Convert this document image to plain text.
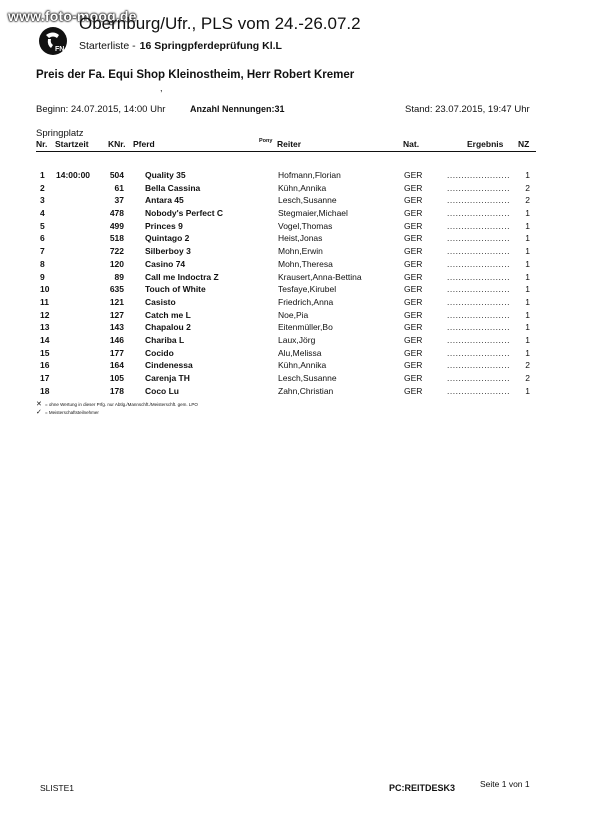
www.foto-moog.de
FN
Obernburg/Ufr., PLS vom 24.-26.07.2
Starterliste - 16 Springpferdeprüfung Kl.L
Preis der Fa. Equi Shop Kleinostheim, Herr Robert Kremer
,
Beginn: 24.07.2015, 14:00 Uhr	Anzahl Nennungen:31	Stand: 23.07.2015, 19:47 Uhr
Springplatz
Nr. Startzeit KNr. Pferd	Pony Reiter	Nat.	Ergebnis NZ
1 14:00:00	504 Quality 35	Hofmann,Florian	GER	......................	1
2	61 Bella Cassina	Kühn,Annika	GER	......................	2
3	37 Antara 45	Lesch,Susanne	GER	......................	2
4	478 Nobody's Perfect C	Stegmaier,Michael	GER	......................	1
5	499 Princes 9	Vogel,Thomas	GER	......................	1
6	518 Quintago 2	Heist,Jonas	GER	......................	1
7	722 Silberboy 3	Mohn,Erwin	GER	......................	1
8	120 Casino 74	Mohn,Theresa	GER	......................	1
9	89 Call me Indoctra Z	Krausert,Anna-Bettina	GER	......................	1
10	635 Touch of White	Tesfaye,Kirubel	GER	......................	1
11	121 Casisto	Friedrich,Anna	GER	......................	1
12	127 Catch me L	Noe,Pia	GER	......................	1
13	143 Chapalou 2	Eitenmüller,Bo	GER	......................	1
14	146 Chariba L	Laux,Jörg	GER	......................	1
15	177 Cocido	Alu,Melissa	GER	......................	1
16	164 Cindenessa	Kühn,Annika	GER	......................	2
17	105 Carenja TH	Lesch,Susanne	GER	......................	2
18	178 Coco Lu	Zahn,Christian	GER	......................	1
✕ = ohne Wertung in dieser Prfg. nur Abtlg./Mannschft./Meisterschft. gem. LPO
✓ = Meisterschaftsteilnehmer
SLISTE1	PC:REITDESK3	Seite 1 von 1
